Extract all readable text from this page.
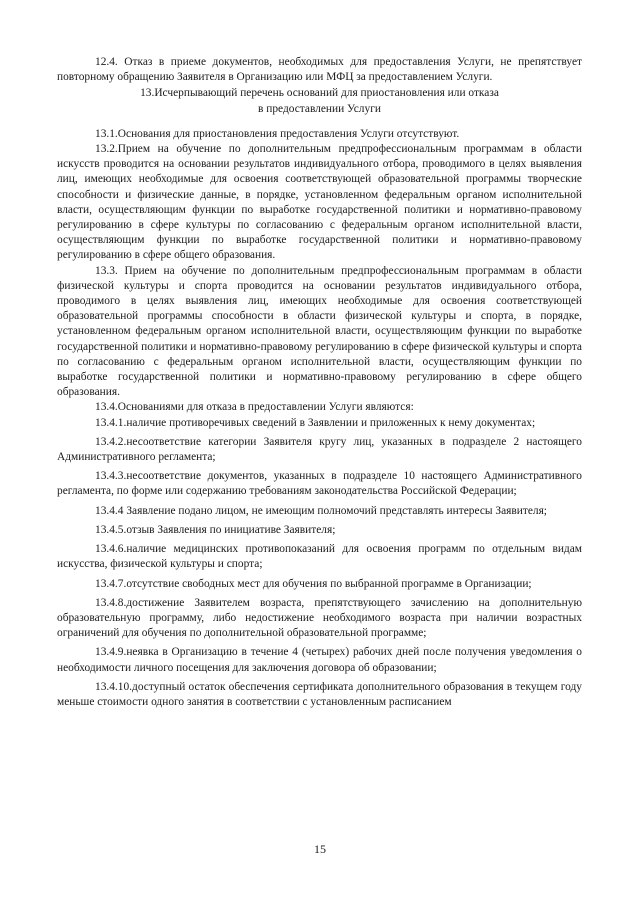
12.4. Отказ в приеме документов, необходимых для предоставления Услуги, не препятствует повторному обращению Заявителя в Организацию или МФЦ за предоставлением Услуги.

13.Исчерпывающий перечень оснований для приостановления или отказа
в предоставлении Услуги

13.1.Основания для приостановления предоставления Услуги отсутствуют.

13.2.Прием на обучение по дополнительным предпрофессиональным программам в области искусств проводится на основании результатов индивидуального отбора, проводимого в целях выявления лиц, имеющих необходимые для освоения соответствующей образовательной программы творческие способности и физические данные, в порядке, установленном федеральным органом исполнительной власти, осуществляющим функции по выработке государственной политики и нормативно-правовому регулированию в сфере культуры по согласованию с федеральным органом исполнительной власти, осуществляющим функции по выработке государственной политики и нормативно-правовому регулированию в сфере общего образования.

13.3. Прием на обучение по дополнительным предпрофессиональным программам в области физической культуры и спорта проводится на основании результатов индивидуального отбора, проводимого в целях выявления лиц, имеющих необходимые для освоения соответствующей образовательной программы способности в области физической культуры и спорта, в порядке, установленном федеральным органом исполнительной власти, осуществляющим функции по выработке государственной политики и нормативно-правовому регулированию в сфере физической культуры и спорта по согласованию с федеральным органом исполнительной власти, осуществляющим функции по выработке государственной политики и нормативно-правовому регулированию в сфере общего образования.

13.4.Основаниями для отказа в предоставлении Услуги являются:

13.4.1.наличие противоречивых сведений в Заявлении и приложенных к нему документах;

13.4.2.несоответствие категории Заявителя кругу лиц, указанных в подразделе 2 настоящего Административного регламента;

13.4.3.несоответствие документов, указанных в подразделе 10 настоящего Административного регламента, по форме или содержанию требованиям законодательства Российской Федерации;

13.4.4 Заявление подано лицом, не имеющим полномочий представлять интересы Заявителя;

13.4.5.отзыв Заявления по инициативе Заявителя;

13.4.6.наличие медицинских противопоказаний для освоения программ по отдельным видам искусства, физической культуры и спорта;

13.4.7.отсутствие свободных мест для обучения по выбранной программе в Организации;

13.4.8.достижение Заявителем возраста, препятствующего зачислению на дополнительную образовательную программу, либо недостижение необходимого возраста при наличии возрастных ограничений для обучения по дополнительной образовательной программе;

13.4.9.неявка в Организацию в течение 4 (четырех) рабочих дней после получения уведомления о необходимости личного посещения для заключения договора об образовании;

13.4.10.доступный остаток обеспечения сертификата дополнительного образования в текущем году меньше стоимости одного занятия в соответствии с установленным расписанием

15
